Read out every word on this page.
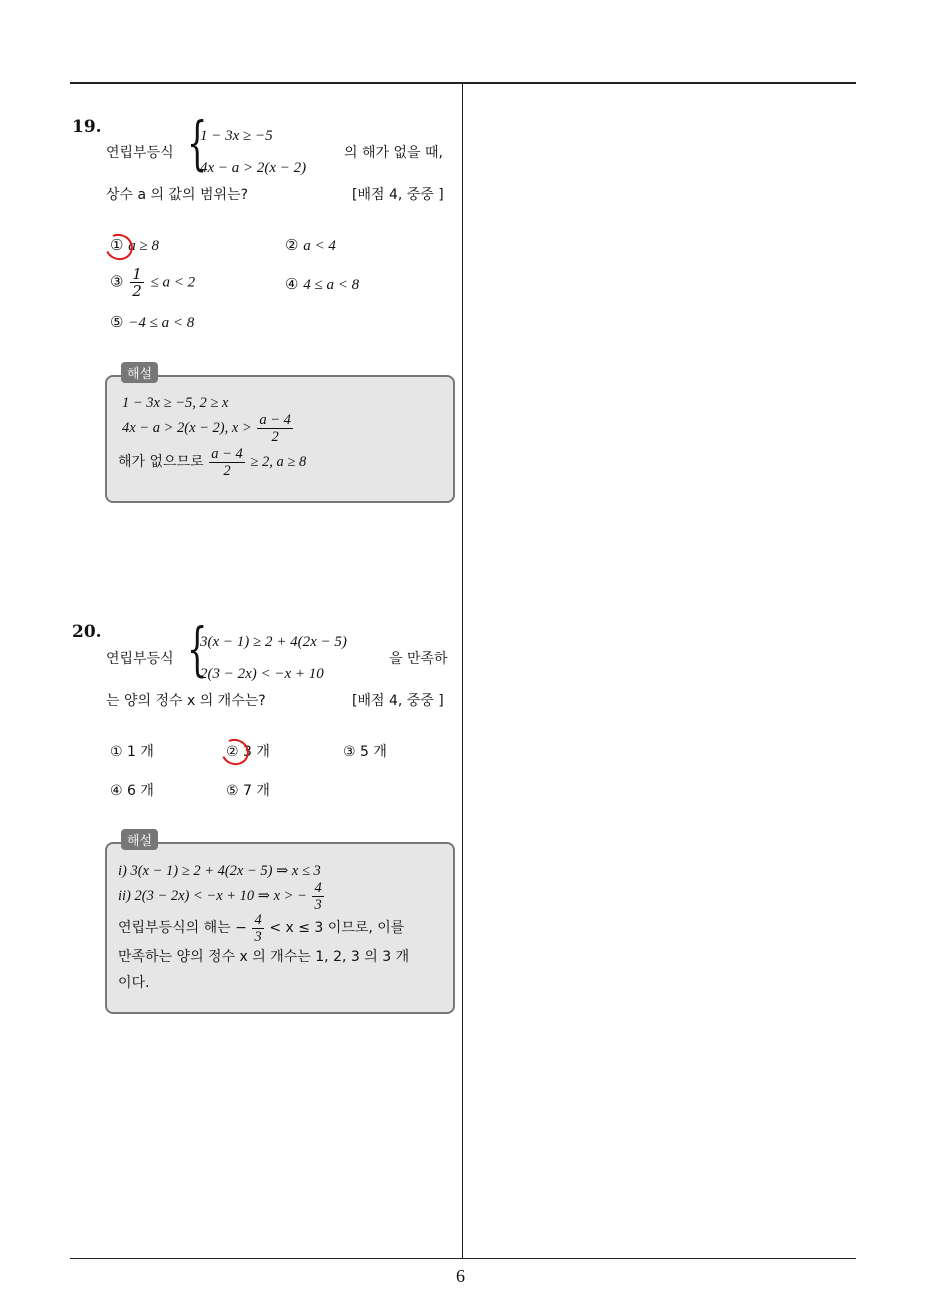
6
19.
연립부등식 {
1 − 3x ≥ −5
4x − a > 2(x − 2)
의 해가 없을 때,
상수 a 의 값의 범위는?	[배점 4, 중중 ]
① a ≥ 8	② a < 4
③ $\frac{1}{2} \le a < 2$	④ 4 ≤ a < 8
⑤ −4 ≤ a < 8
해설
1 − 3x ≥ −5, 2 ≥ x
4x − a > 2(x − 2), $x > \frac{a - 4}{2}$
해가 없으므로 $\frac{a - 4}{2} \ge 2$, a ≥ 8
20.
연립부등식 {
3(x − 1) ≥ 2 + 4(2x − 5)
2(3 − 2x) < −x + 10
을 만족하
는 양의 정수 x 의 개수는?	[배점 4, 중중 ]
① 1 개	② 3 개	③ 5 개
④ 6 개	⑤ 7 개
해설
i) 3(x − 1) ≥ 2 + 4(2x − 5) ⇒ x ≤ 3
ii) 2(3 − 2x) < −x + 10 ⇒ x > − $\frac{4}{3}$
연립부등식의 해는 − $\frac{4}{3} < x \le 3$ 이므로, 이를
만족하는 양의 정수 x 의 개수는 1, 2, 3 의 3 개
이다.
